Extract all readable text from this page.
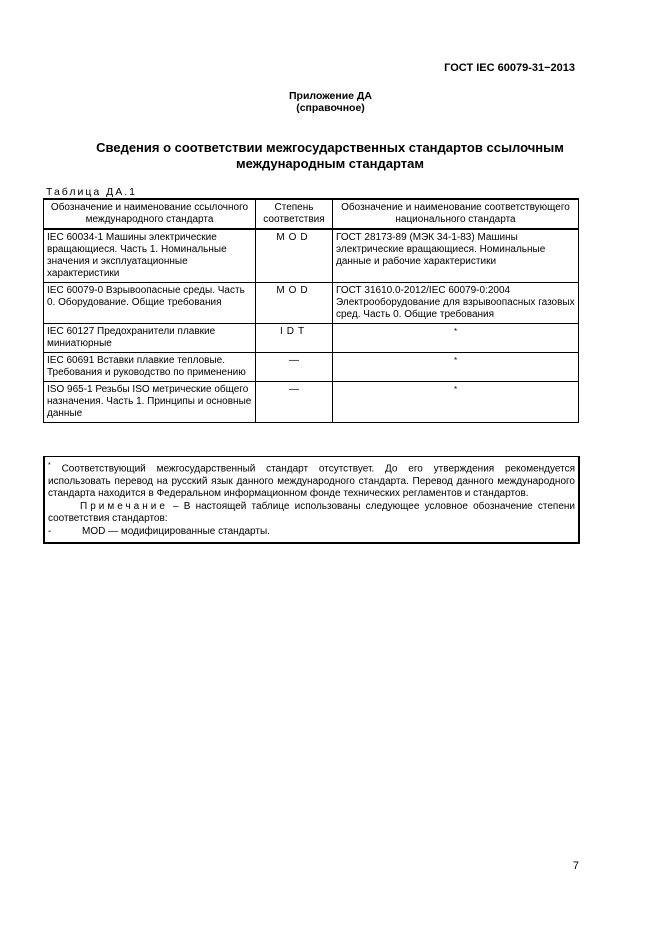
ГОСТ IEC 60079-31−2013
Приложение ДА
(справочное)
Сведения о соответствии межгосударственных стандартов ссылочным международным стандартам
Таблица ДА.1
Обозначение и наименование ссылочного международного стандарта	Степень соответствия	Обозначение и наименование соответствующего национального стандарта
IEC 60034-1 Машины электрические вращающиеся. Часть 1. Номинальные значения и эксплуатационные характеристики	MOD	ГОСТ 28173-89 (МЭК 34-1-83) Машины электрические вращающиеся. Номинальные данные и рабочие характеристики
IEC 60079-0 Взрывоопасные среды. Часть 0. Оборудование. Общие требования	MOD	ГОСТ 31610.0-2012/IEC 60079-0:2004 Электрооборудование для взрывоопасных газовых сред. Часть 0. Общие требования
IEC 60127 Предохранители плавкие миниатюрные	IDT	*
IEC 60691 Вставки плавкие тепловые. Требования и руководство по применению	—	*
ISO 965-1 Резьбы ISO метрические общего назначения. Часть 1. Принципы и основные данные	—	*
* Соответствующий межгосударственный стандарт отсутствует. До его утверждения рекомендуется использовать перевод на русский язык данного международного стандарта. Перевод данного международного стандарта находится в Федеральном информационном фонде технических регламентов и стандартов.
Примечание – В настоящей таблице использованы следующее условное обозначение степени соответствия стандартов:
-	MOD — модифицированные стандарты.
7
